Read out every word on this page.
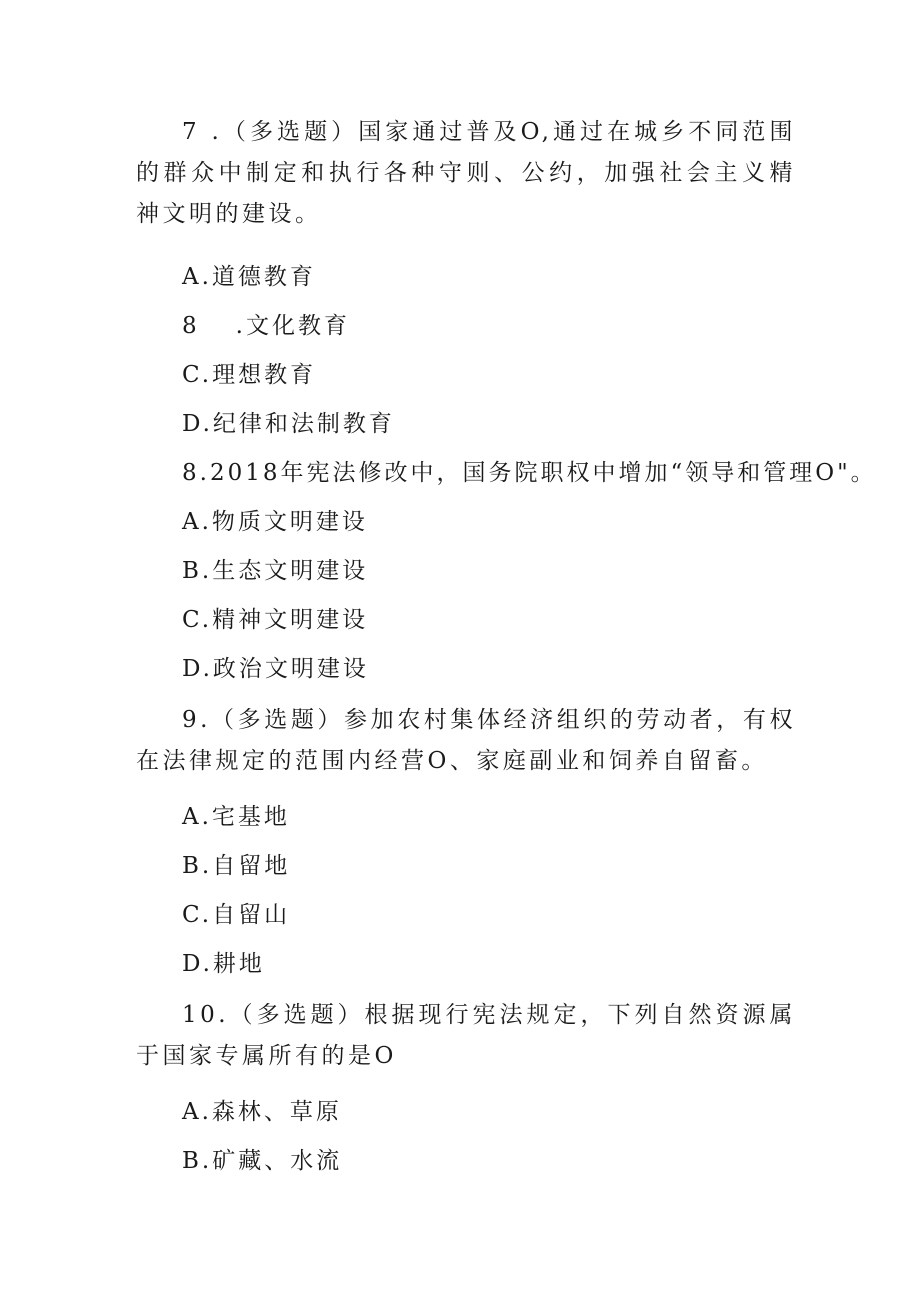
7 .（多选题）国家通过普及O,通过在城乡不同范围的群众中制定和执行各种守则、公约，加强社会主义精神文明的建设。

A.道德教育

8 .文化教育

C.理想教育

D.纪律和法制教育

8.2018年宪法修改中，国务院职权中增加“领导和管理O"。

A.物质文明建设

B.生态文明建设

C.精神文明建设

D.政治文明建设

9.（多选题）参加农村集体经济组织的劳动者，有权在法律规定的范围内经营O、家庭副业和饲养自留畜。

A.宅基地

B.自留地

C.自留山

D.耕地

10.（多选题）根据现行宪法规定，下列自然资源属于国家专属所有的是O

A.森林、草原

B.矿藏、水流
